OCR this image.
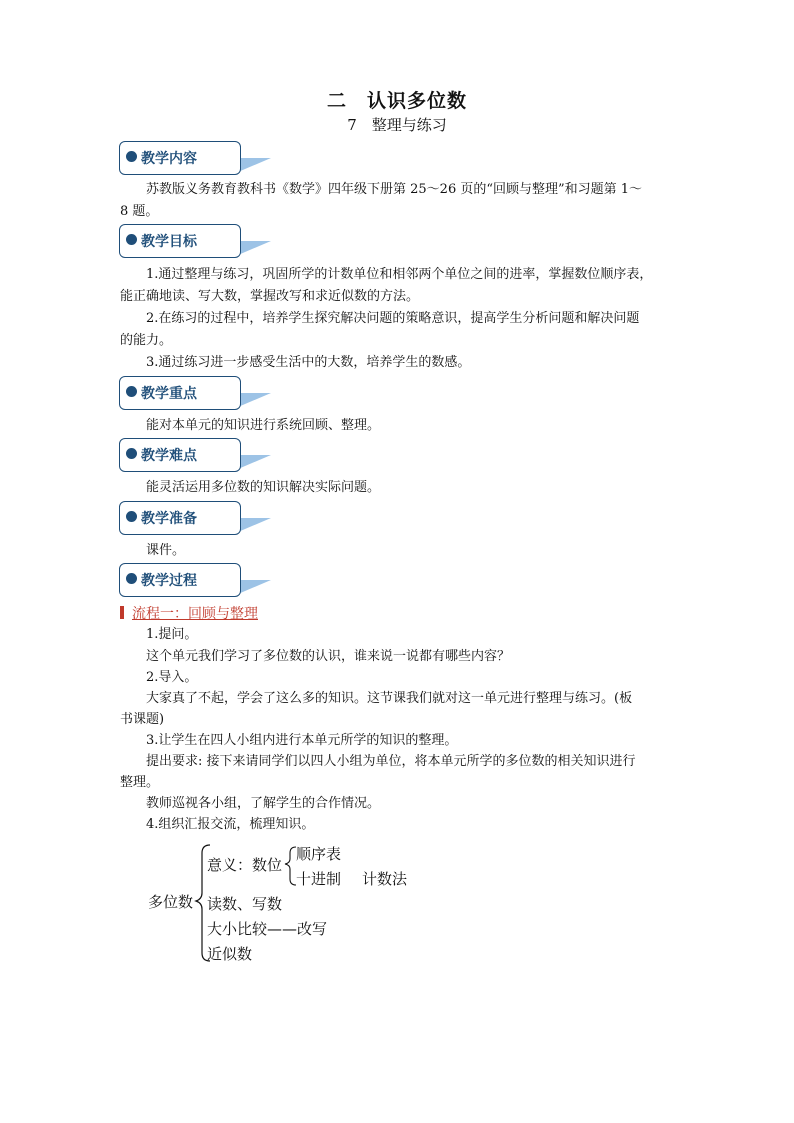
二　认识多位数
7　整理与练习
教学内容
苏教版义务教育教科书《数学》四年级下册第 25～26 页的“回顾与整理”和习题第 1～
8 题。
教学目标
1.通过整理与练习，巩固所学的计数单位和相邻两个单位之间的进率，掌握数位顺序表，
能正确地读、写大数，掌握改写和求近似数的方法。
2.在练习的过程中，培养学生探究解决问题的策略意识，提高学生分析问题和解决问题
的能力。
3.通过练习进一步感受生活中的大数，培养学生的数感。
教学重点
能对本单元的知识进行系统回顾、整理。
教学难点
能灵活运用多位数的知识解决实际问题。
教学准备
课件。
教学过程
流程一：回顾与整理
1.提问。
这个单元我们学习了多位数的认识，谁来说一说都有哪些内容？
2.导入。
大家真了不起，学会了这么多的知识。这节课我们就对这一单元进行整理与练习。(板
书课题)
3.让学生在四人小组内进行本单元所学的知识的整理。
提出要求: 接下来请同学们以四人小组为单位，将本单元所学的多位数的相关知识进行
整理。
教师巡视各小组，了解学生的合作情况。
4.组织汇报交流，梳理知识。
多位数
意义：数位
顺序表
十进制 计数法
读数、写数
大小比较——改写
近似数
